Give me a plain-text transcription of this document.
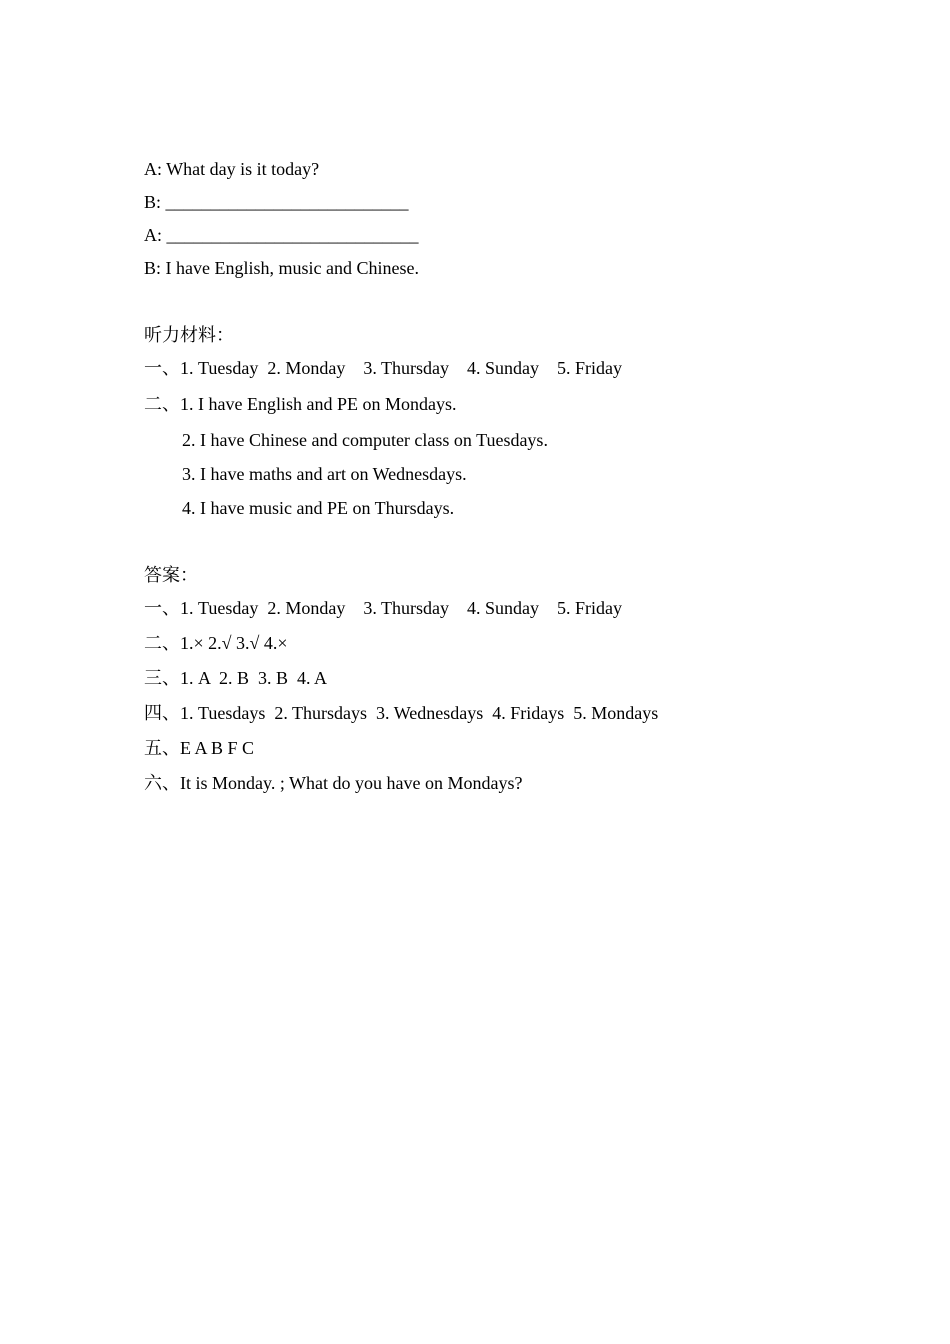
A: What day is it today?
B: ___________________________
A: ____________________________
B: I have English, music and Chinese.
听力材料：
一、1. Tuesday  2. Monday    3. Thursday    4. Sunday    5. Friday
二、1. I have English and PE on Mondays.
2. I have Chinese and computer class on Tuesdays.
3. I have maths and art on Wednesdays.
4. I have music and PE on Thursdays.
答案：
一、1. Tuesday  2. Monday    3. Thursday    4. Sunday    5. Friday
二、1.× 2.√ 3.√ 4.×
三、1. A  2. B  3. B  4. A
四、1. Tuesdays  2. Thursdays  3. Wednesdays  4. Fridays  5. Mondays
五、E A B F C
六、It is Monday. ; What do you have on Mondays?
